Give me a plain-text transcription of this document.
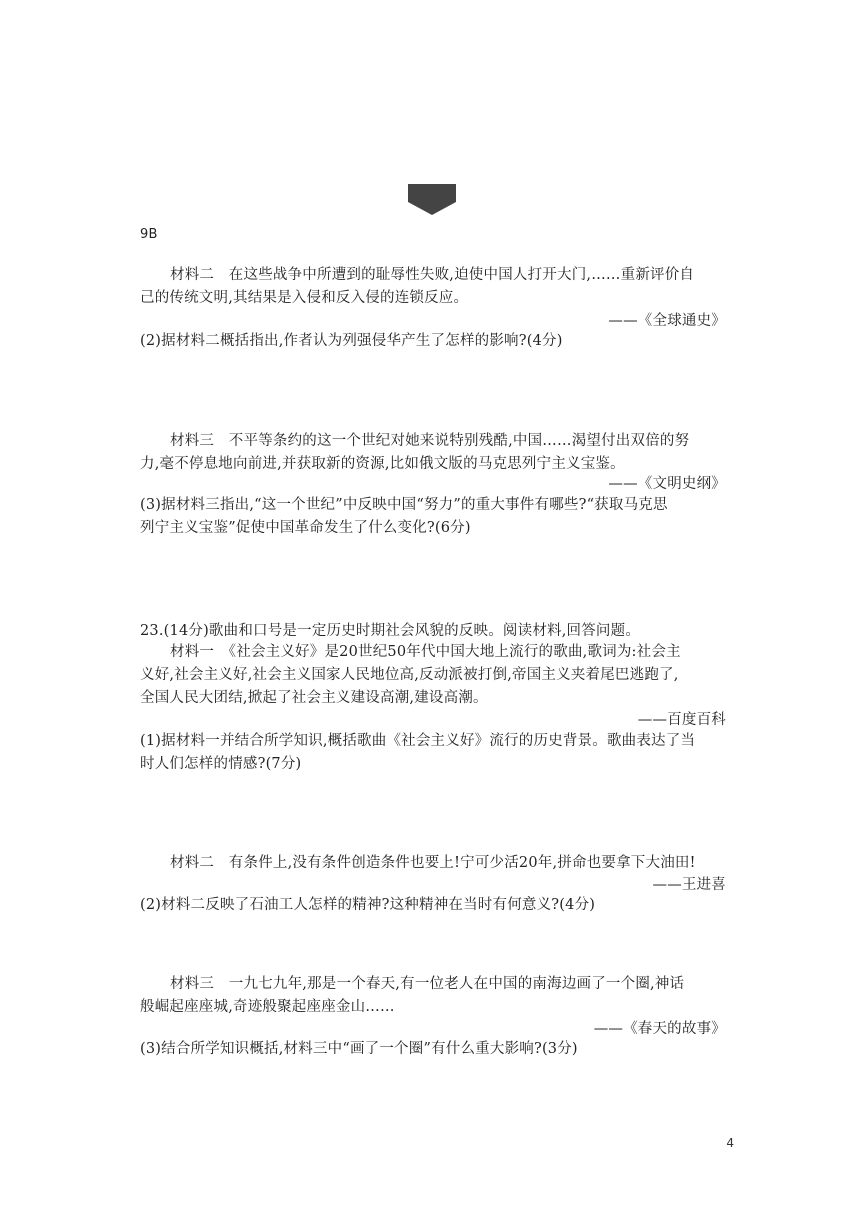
9B
材料二　在这些战争中所遭到的耻辱性失败,迫使中国人打开大门,……重新评价自
己的传统文明,其结果是入侵和反入侵的连锁反应。
——《全球通史》
(2)据材料二概括指出,作者认为列强侵华产生了怎样的影响?(4分)
材料三　不平等条约的这一个世纪对她来说特别残酷,中国……渴望付出双倍的努
力,毫不停息地向前进,并获取新的资源,比如俄文版的马克思列宁主义宝鉴。
——《文明史纲》
(3)据材料三指出,“这一个世纪”中反映中国“努力”的重大事件有哪些?“获取马克思
列宁主义宝鉴”促使中国革命发生了什么变化?(6分)
23.(14分)歌曲和口号是一定历史时期社会风貌的反映。阅读材料,回答问题。
材料一　《社会主义好》是20世纪50年代中国大地上流行的歌曲,歌词为:社会主
义好,社会主义好,社会主义国家人民地位高,反动派被打倒,帝国主义夹着尾巴逃跑了,
全国人民大团结,掀起了社会主义建设高潮,建设高潮。
——百度百科
(1)据材料一并结合所学知识,概括歌曲《社会主义好》流行的历史背景。歌曲表达了当
时人们怎样的情感?(7分)
材料二　有条件上,没有条件创造条件也要上!宁可少活20年,拼命也要拿下大油田!
——王进喜
(2)材料二反映了石油工人怎样的精神?这种精神在当时有何意义?(4分)
材料三　一九七九年,那是一个春天,有一位老人在中国的南海边画了一个圈,神话
般崛起座座城,奇迹般聚起座座金山……
——《春天的故事》
(3)结合所学知识概括,材料三中“画了一个圈”有什么重大影响?(3分)
4
